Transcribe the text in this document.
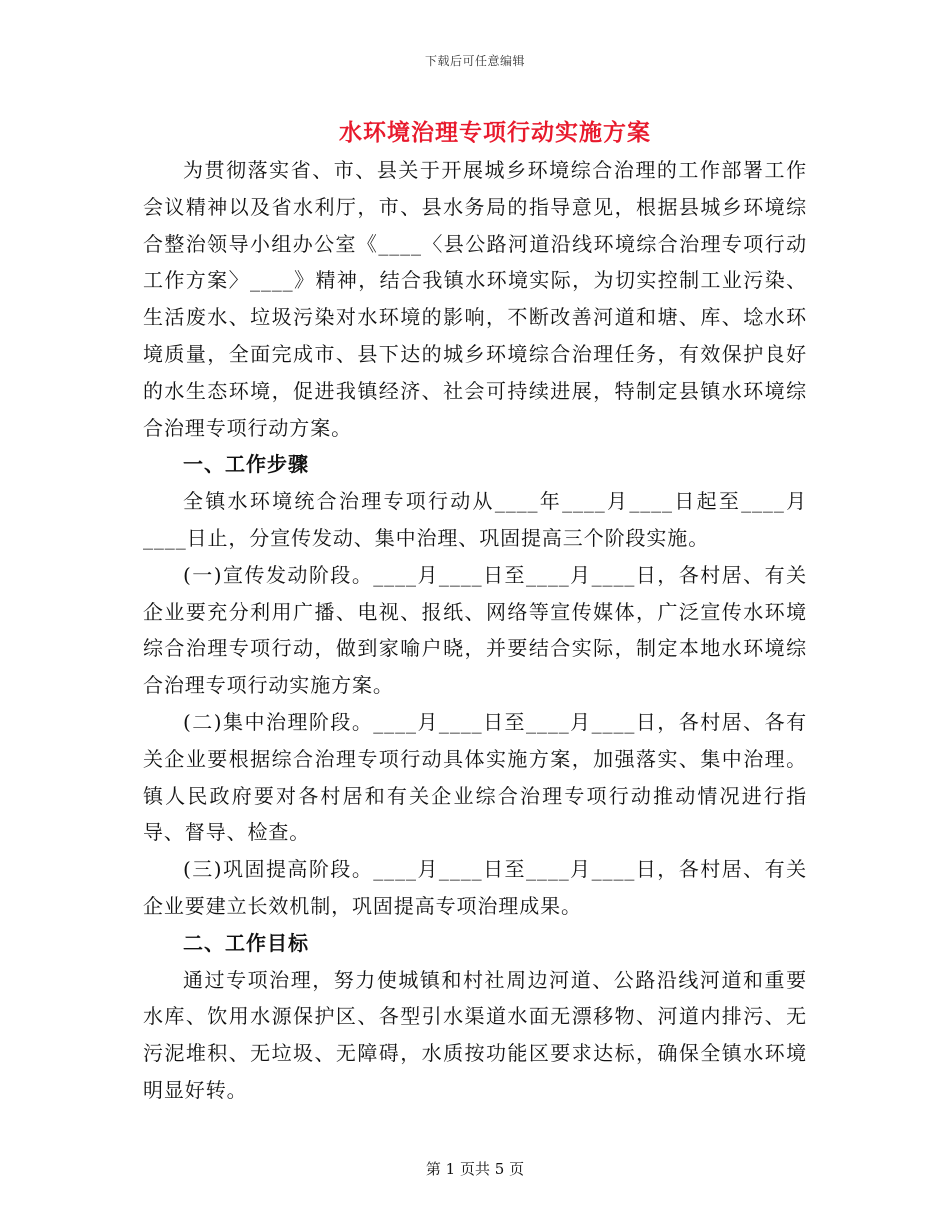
下载后可任意编辑
水环境治理专项行动实施方案

为贯彻落实省、市、县关于开展城乡环境综合治理的工作部署工作会议精神以及省水利厅，市、县水务局的指导意见，根据县城乡环境综合整治领导小组办公室《____〈县公路河道沿线环境综合治理专项行动工作方案〉____》精神，结合我镇水环境实际，为切实控制工业污染、生活废水、垃圾污染对水环境的影响，不断改善河道和塘、库、埝水环境质量，全面完成市、县下达的城乡环境综合治理任务，有效保护良好的水生态环境，促进我镇经济、社会可持续进展，特制定县镇水环境综合治理专项行动方案。

一、工作步骤

全镇水环境统合治理专项行动从____年____月____日起至____月____日止，分宣传发动、集中治理、巩固提高三个阶段实施。

(一)宣传发动阶段。____月____日至____月____日，各村居、有关企业要充分利用广播、电视、报纸、网络等宣传媒体，广泛宣传水环境综合治理专项行动，做到家喻户晓，并要结合实际，制定本地水环境综合治理专项行动实施方案。

(二)集中治理阶段。____月____日至____月____日，各村居、各有关企业要根据综合治理专项行动具体实施方案，加强落实、集中治理。镇人民政府要对各村居和有关企业综合治理专项行动推动情况进行指导、督导、检查。

(三)巩固提高阶段。____月____日至____月____日，各村居、有关企业要建立长效机制，巩固提高专项治理成果。

二、工作目标

通过专项治理，努力使城镇和村社周边河道、公路沿线河道和重要水库、饮用水源保护区、各型引水渠道水面无漂移物、河道内排污、无污泥堆积、无垃圾、无障碍，水质按功能区要求达标，确保全镇水环境明显好转。

第 1 页共 5 页
